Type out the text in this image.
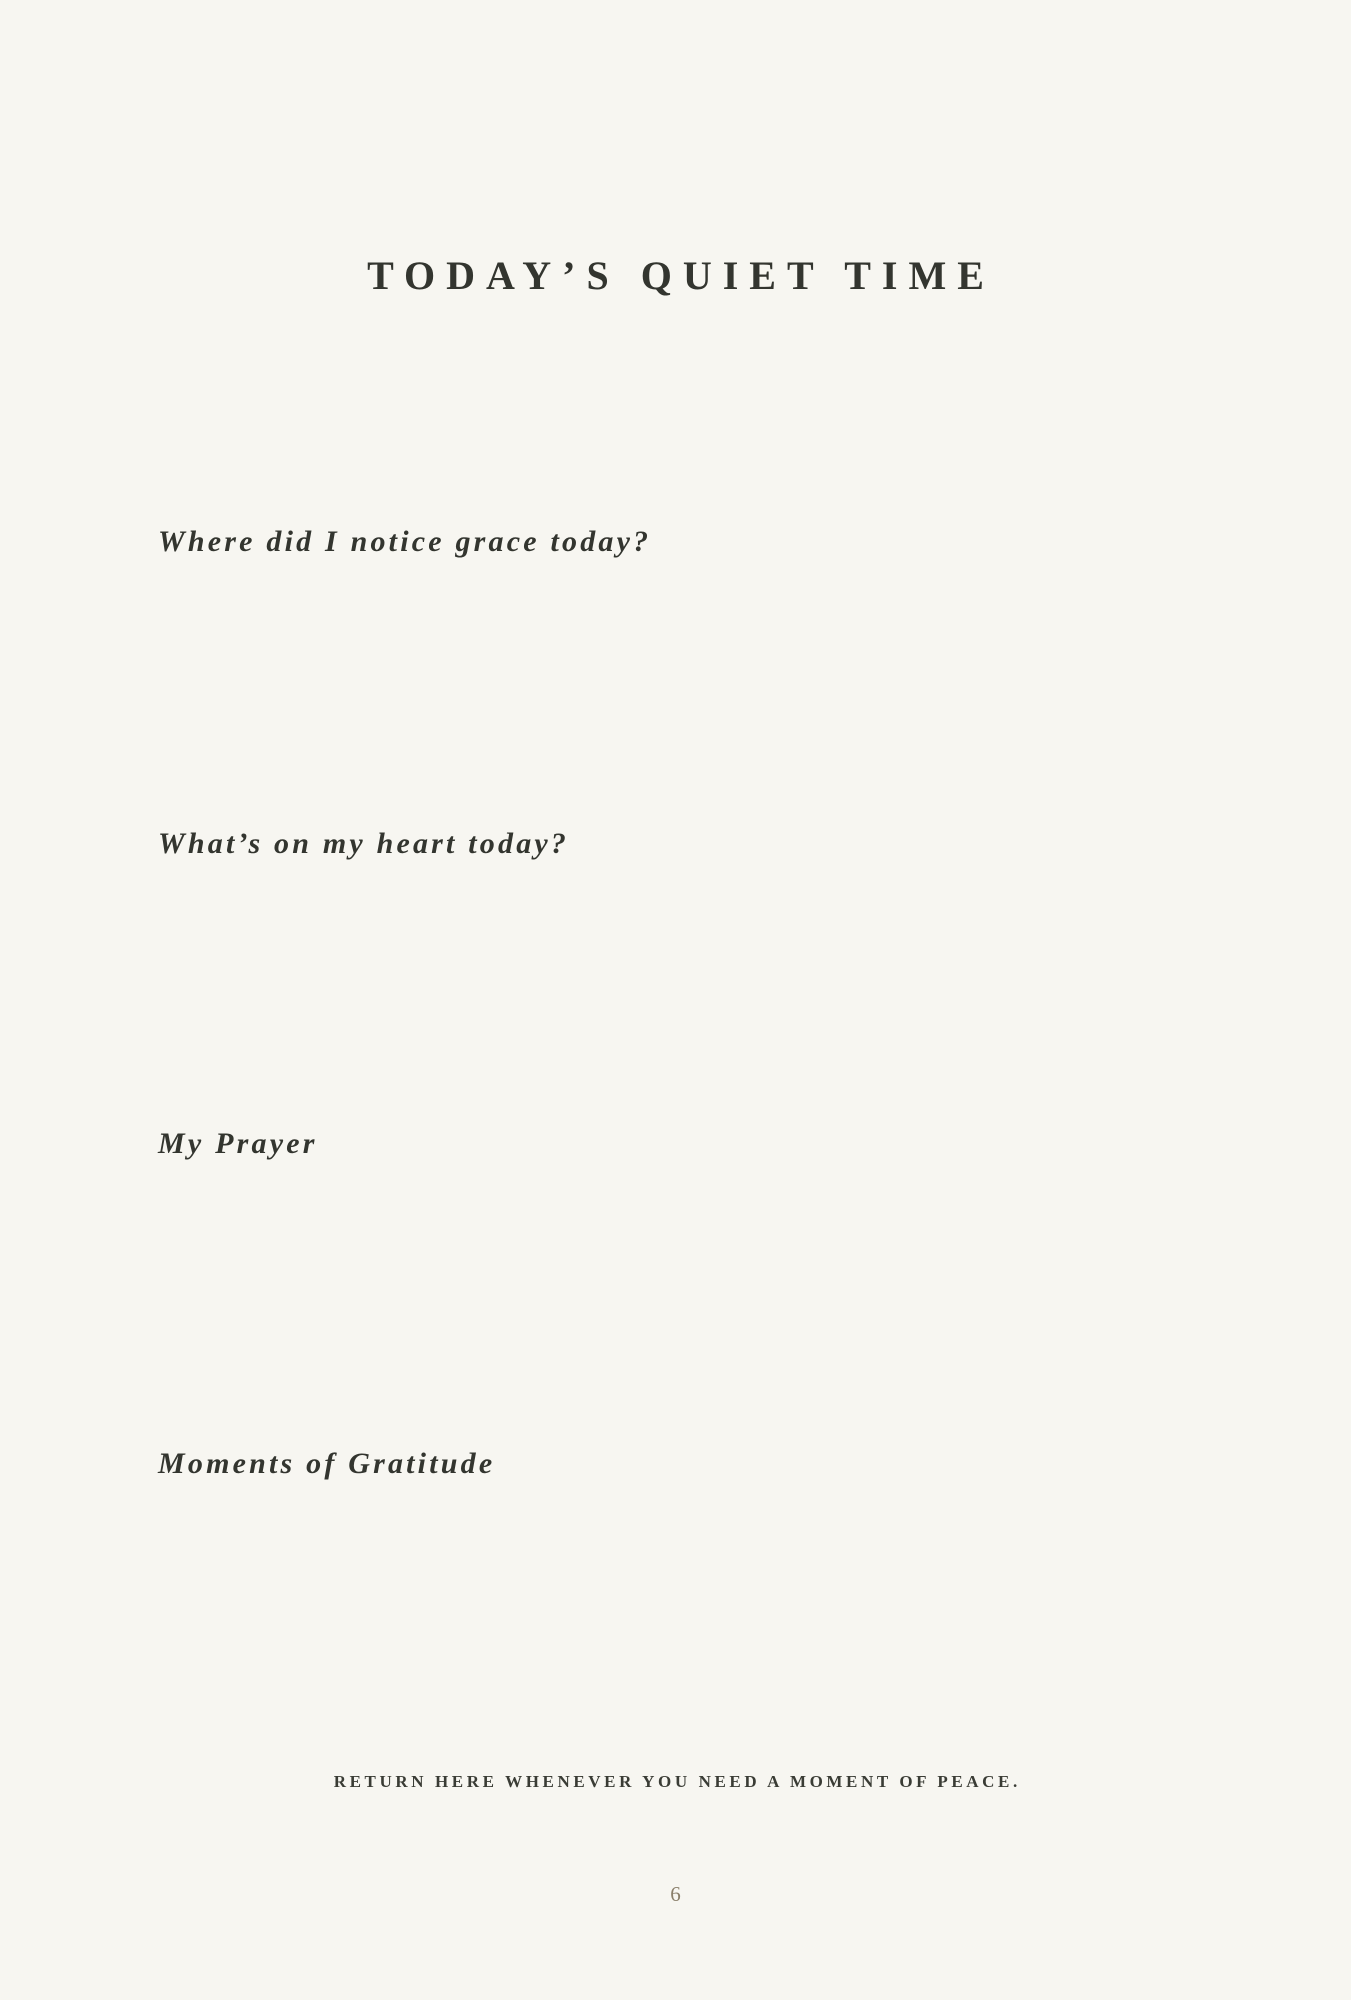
TODAY’S QUIET TIME
Where did I notice grace today?
What’s on my heart today?
My Prayer
Moments of Gratitude
RETURN HERE WHENEVER YOU NEED A MOMENT OF PEACE.
6
